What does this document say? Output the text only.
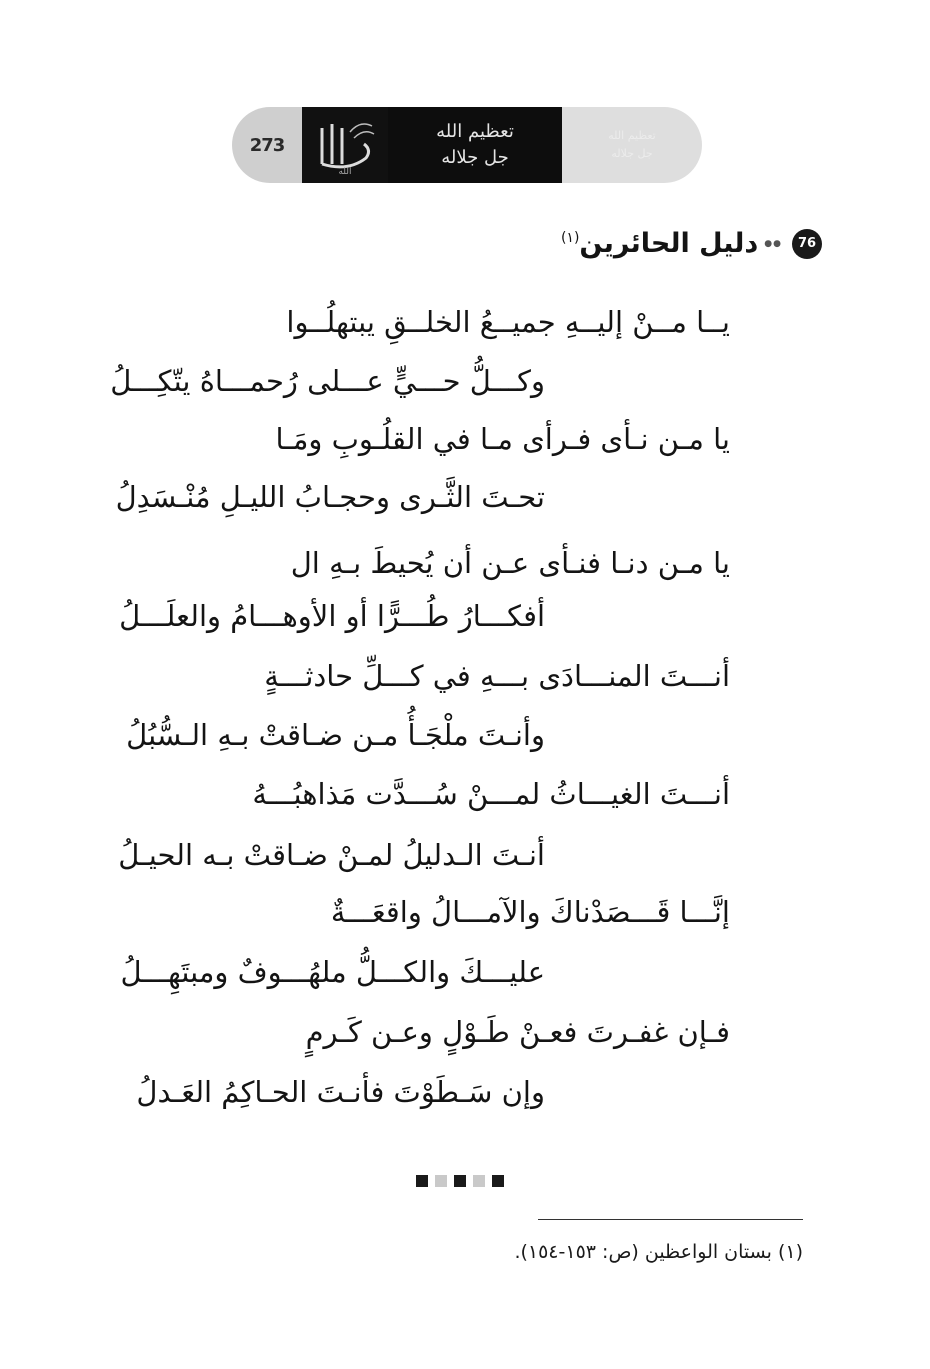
273
الله
تعظيم الله
جل جلاله
تعظيم الله
جل جلاله
76
●●
دليل الحائرين$^{(١)}$
يــا مــنْ إليــهِ جميــعُ الخلــقِ يبتهلُــوا
وكـــلُّ حـــيٍّ عـــلى رُحمـــاهُ يتّكِـــلُ
يا مـن نـأى فـرأى مـا في القلُـوبِ ومَـا
تحـتَ الثَّـرى وحجـابُ الليـلِ مُنْـسَدِلُ
يا مـن دنـا فنـأى عـن أن يُحيطَ بـهِ ال
أفكـــارُ طُـــرًّا أو الأوهـــامُ والعلَـــلُ
أنـــتَ المنـــادَى بـــهِ في كـــلِّ حادثـــةٍ
وأنـتَ ملْجَـأُ مـن ضـاقتْ بـهِ الـسُّبُلُ
أنـــتَ الغيـــاثُ لمـــنْ سُـــدَّت مَذاهبُـــهُ
أنـتَ الـدليلُ لمـنْ ضـاقتْ بـه الحيـلُ
إنَّـــا قَـــصَدْناكَ والآمـــالُ واقعَـــةٌ
عليـــكَ والكـــلُّ ملهُـــوفٌ ومبتَهِـــلُ
فـإن غفـرتَ فعـنْ طَـوْلٍ وعـن كَـرمٍ
وإن سَـطَوْتَ فأنـتَ الحـاكِمُ العَـدلُ
(١) بستان الواعظين (ص: ١٥٣-١٥٤).
